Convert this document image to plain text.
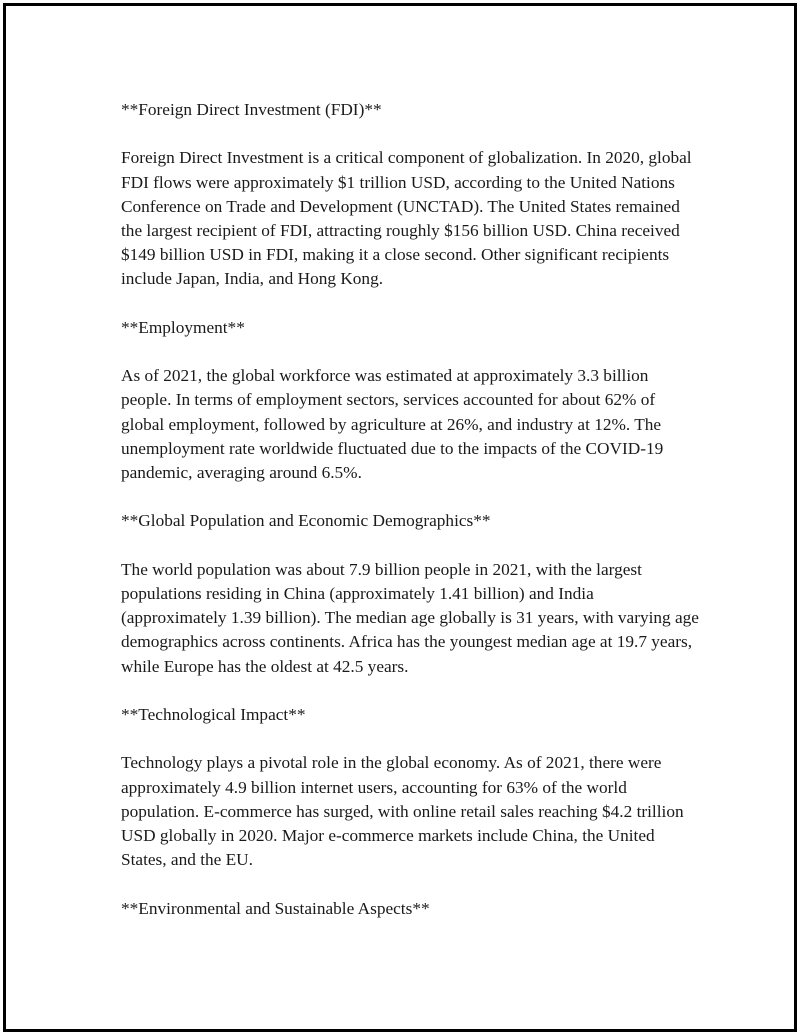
**Foreign Direct Investment (FDI)**

Foreign Direct Investment is a critical component of globalization. In 2020, global FDI flows were approximately $1 trillion USD, according to the United Nations Conference on Trade and Development (UNCTAD). The United States remained the largest recipient of FDI, attracting roughly $156 billion USD. China received $149 billion USD in FDI, making it a close second. Other significant recipients include Japan, India, and Hong Kong.

**Employment**

As of 2021, the global workforce was estimated at approximately 3.3 billion people. In terms of employment sectors, services accounted for about 62% of global employment, followed by agriculture at 26%, and industry at 12%. The unemployment rate worldwide fluctuated due to the impacts of the COVID-19 pandemic, averaging around 6.5%.

**Global Population and Economic Demographics**

The world population was about 7.9 billion people in 2021, with the largest populations residing in China (approximately 1.41 billion) and India (approximately 1.39 billion). The median age globally is 31 years, with varying age demographics across continents. Africa has the youngest median age at 19.7 years, while Europe has the oldest at 42.5 years.

**Technological Impact**

Technology plays a pivotal role in the global economy. As of 2021, there were approximately 4.9 billion internet users, accounting for 63% of the world population. E-commerce has surged, with online retail sales reaching $4.2 trillion USD globally in 2020. Major e-commerce markets include China, the United States, and the EU.

**Environmental and Sustainable Aspects**
